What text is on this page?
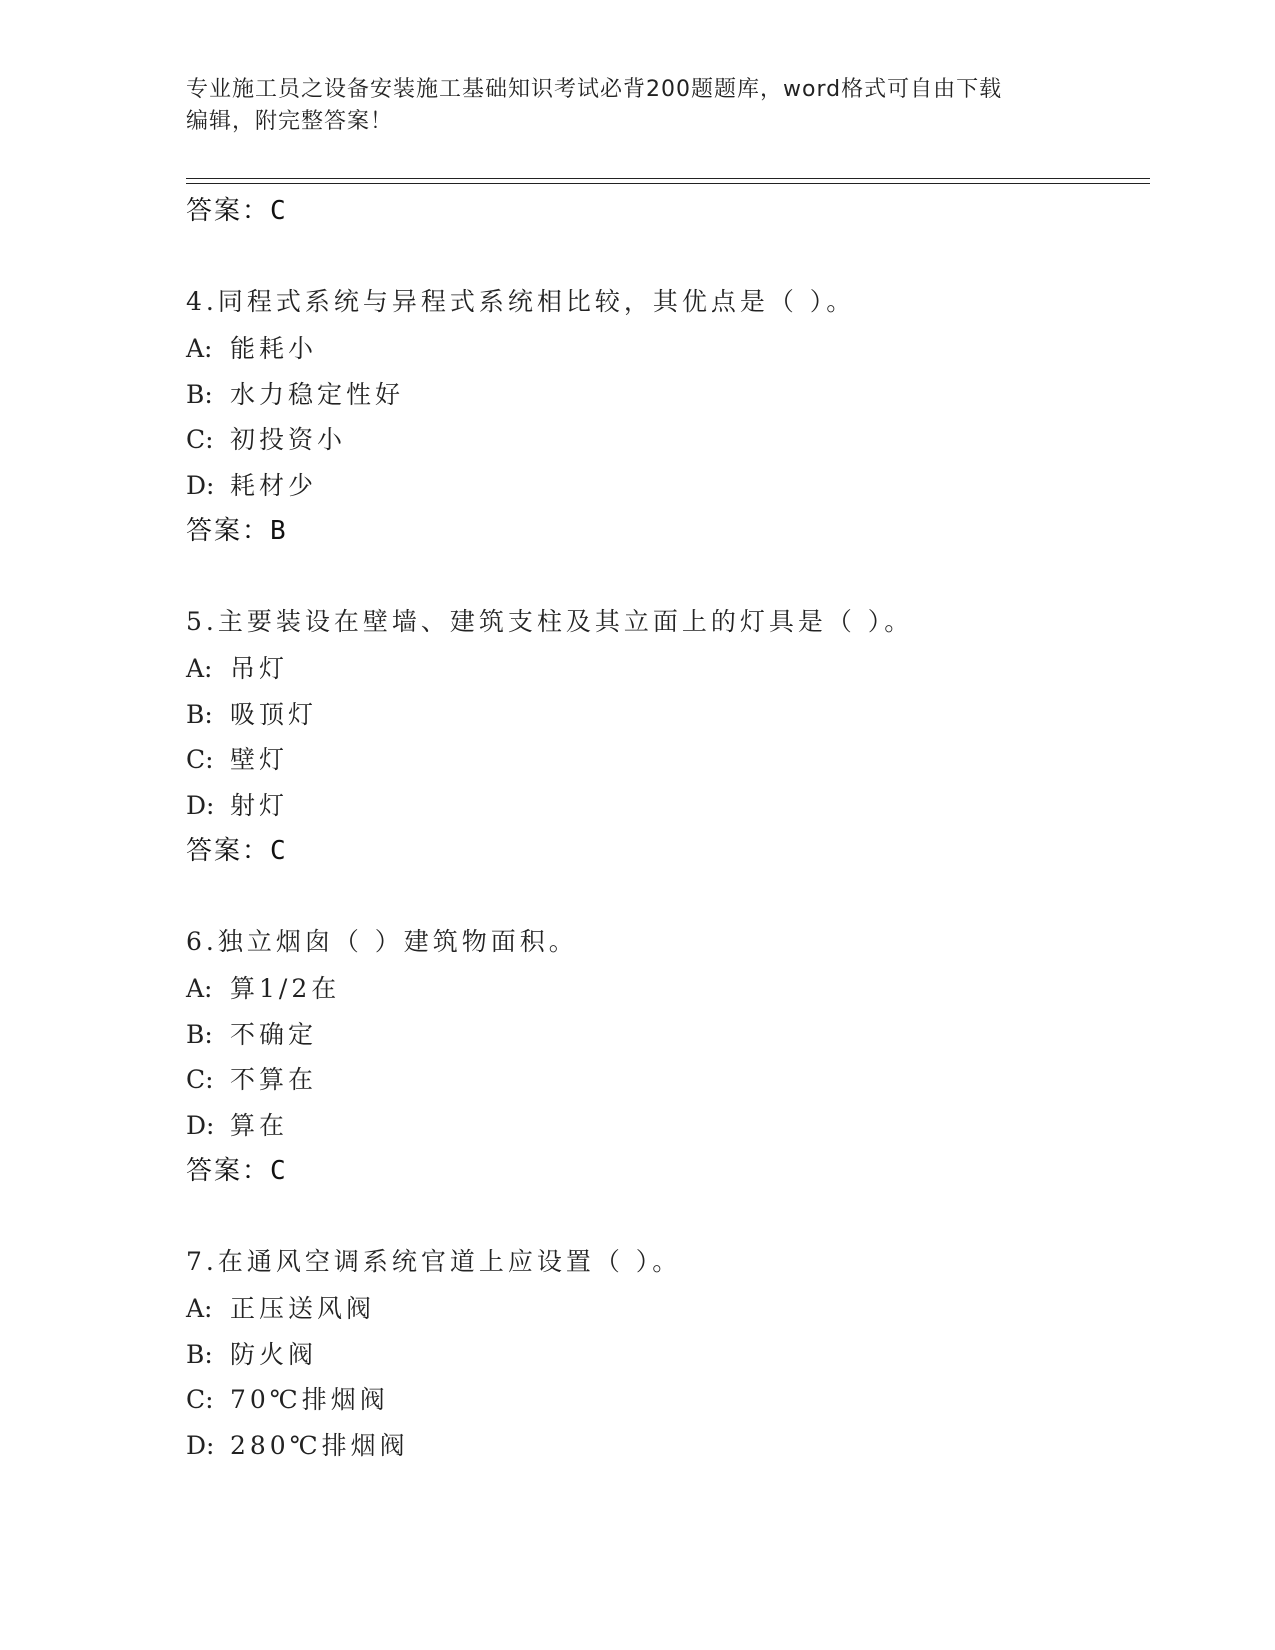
专业施工员之设备安装施工基础知识考试必背200题题库，word格式可自由下载
编辑，附完整答案！
答案：C
4.同程式系统与异程式系统相比较，其优点是（ ）。
A: 能耗小
B: 水力稳定性好
C: 初投资小
D: 耗材少
答案：B
5.主要装设在壁墙、建筑支柱及其立面上的灯具是（ ）。
A: 吊灯
B: 吸顶灯
C: 壁灯
D: 射灯
答案：C
6.独立烟囱（ ）建筑物面积。
A: 算1/2在
B: 不确定
C: 不算在
D: 算在
答案：C
7.在通风空调系统官道上应设置（ ）。
A: 正压送风阀
B: 防火阀
C: 70℃排烟阀
D: 280℃排烟阀
